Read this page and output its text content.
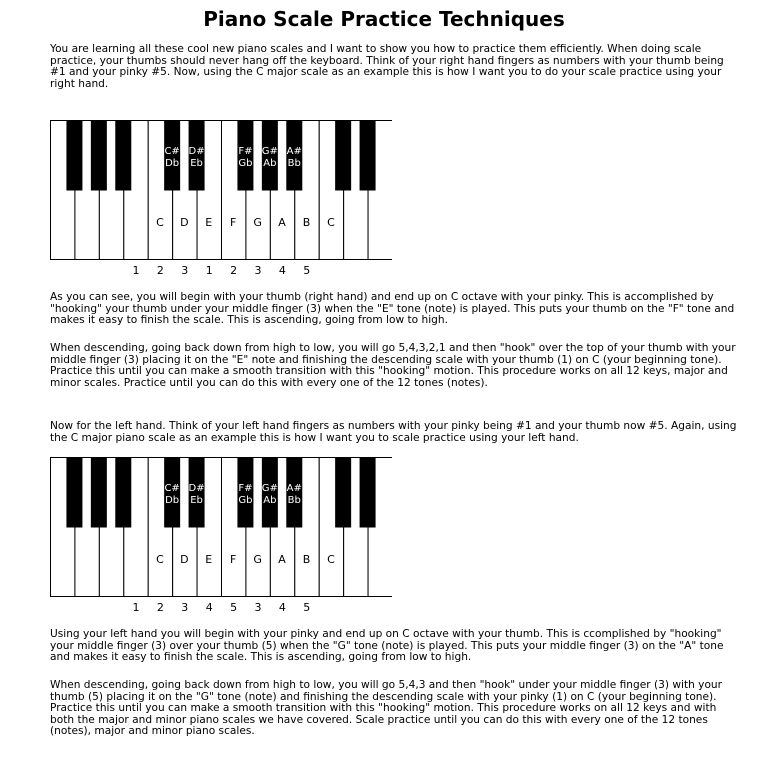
Piano Scale Practice Techniques

You are learning all these cool new piano scales and I want to show you how to practice them efficiently. When doing scale practice, your thumbs should never hang off the keyboard. Think of your right hand fingers as numbers with your thumb being #1 and your pinky #5. Now, using the C major scale as an example this is how I want you to do your scale practice using your right hand.

C D E F G A B C
C#
Db
D#
Eb
F#
Gb
G#
Ab
A#
Bb
1	2	3	1	2	3	4	5

As you can see, you will begin with your thumb (right hand) and end up on C octave with your pinky. This is accomplished by "hooking" your thumb under your middle finger (3) when the "E" tone (note) is played. This puts your thumb on the "F" tone and makes it easy to finish the scale. This is ascending, going from low to high.

When descending, going back down from high to low, you will go 5,4,3,2,1 and then "hook" over the top of your thumb with your middle finger (3) placing it on the "E" note and finishing the descending scale with your thumb (1) on C (your beginning tone). Practice this until you can make a smooth transition with this "hooking" motion. This procedure works on all 12 keys, major and minor scales. Practice until you can do this with every one of the 12 tones (notes).

Now for the left hand. Think of your left hand fingers as numbers with your pinky being #1 and your thumb now #5. Again, using the C major piano scale as an example this is how I want you to scale practice using your left hand.

C D E F G A B C
C#
Db
D#
Eb
F#
Gb
G#
Ab
A#
Bb
1	2	3	4	5	3	4	5

Using your left hand you will begin with your pinky and end up on C octave with your thumb. This is ccomplished by "hooking" your middle finger (3) over your thumb (5) when the "G" tone (note) is played. This puts your middle finger (3) on the "A" tone and makes it easy to finish the scale. This is ascending, going from low to high.

When descending, going back down from high to low, you will go 5,4,3 and then "hook" under your middle finger (3) with your thumb (5) placing it on the "G" tone (note) and finishing the descending scale with your pinky (1) on C (your beginning tone). Practice this until you can make a smooth transition with this "hooking" motion. This procedure works on all 12 keys and with both the major and minor piano scales we have covered. Scale practice until you can do this with every one of the 12 tones (notes), major and minor piano scales.
